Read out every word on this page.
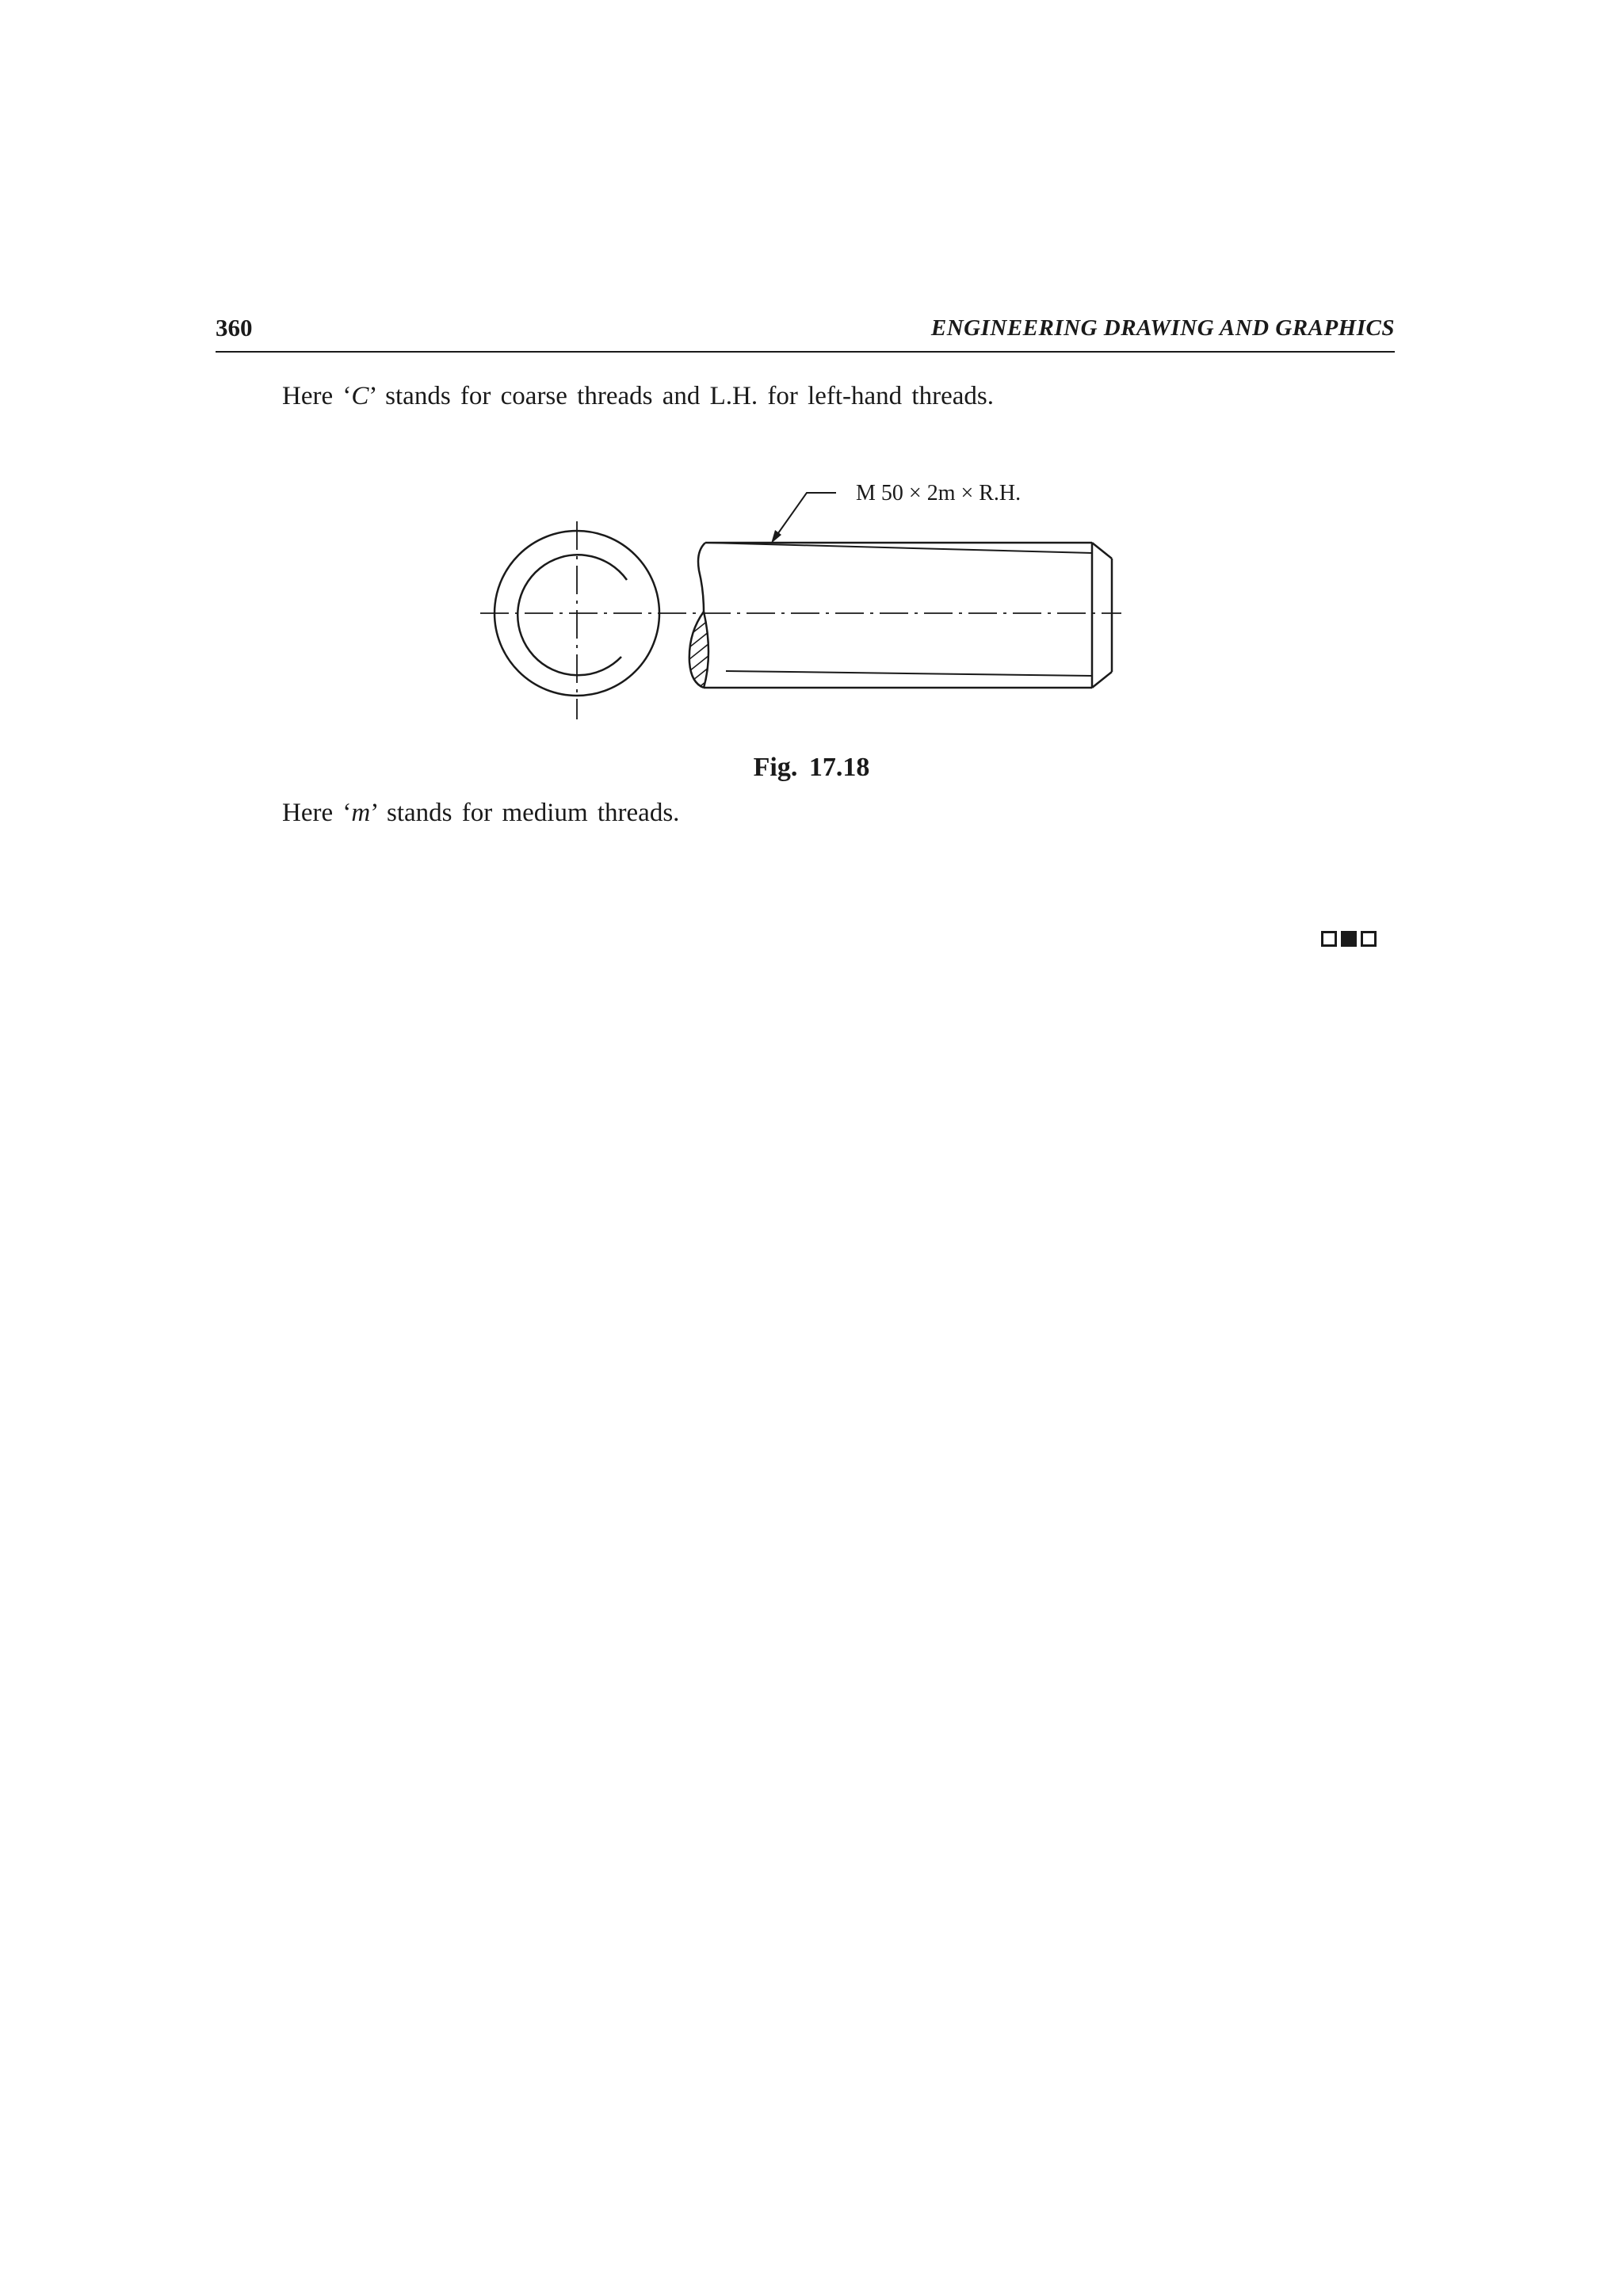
360	ENGINEERING DRAWING AND GRAPHICS
Here ‘C’ stands for coarse threads and L.H. for left-hand threads.
M 50 × 2m × R.H.
Fig. 17.18
Here ‘m’ stands for medium threads.
